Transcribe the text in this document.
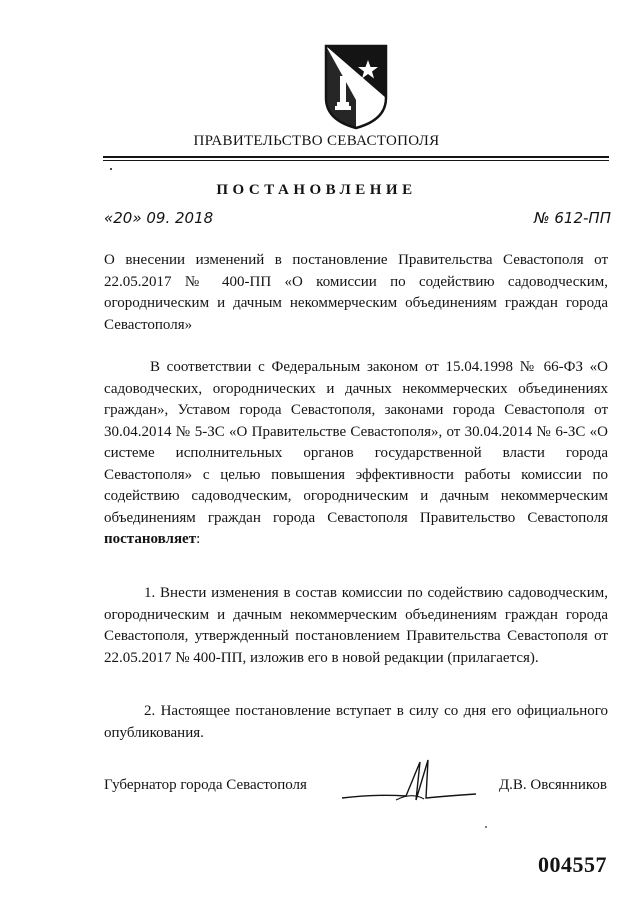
ПРАВИТЕЛЬСТВО СЕВАСТОПОЛЯ
ПОСТАНОВЛЕНИЕ
«20» 09. 2018	№ 612-ПП
О внесении изменений в постановление Правительства Севастополя от 22.05.2017 № 400-ПП «О комиссии по содействию садоводческим, огородническим и дачным некоммерческим объединениям граждан города Севастополя»
В соответствии с Федеральным законом от 15.04.1998 № 66-ФЗ «О садоводческих, огороднических и дачных некоммерческих объединениях граждан», Уставом города Севастополя, законами города Севастополя от 30.04.2014 № 5-ЗС «О Правительстве Севастополя», от 30.04.2014 № 6-ЗС «О системе исполнительных органов государственной власти города Севастополя» с целью повышения эффективности работы комиссии по содействию садоводческим, огородническим и дачным некоммерческим объединениям граждан города Севастополя Правительство Севастополя постановляет:
1. Внести изменения в состав комиссии по содействию садоводческим, огородническим и дачным некоммерческим объединениям граждан города Севастополя, утвержденный постановлением Правительства Севастополя от 22.05.2017 № 400-ПП, изложив его в новой редакции (прилагается).
2. Настоящее постановление вступает в силу со дня его официального опубликования.
Губернатор города Севастополя	Д.В. Овсянников
004557
